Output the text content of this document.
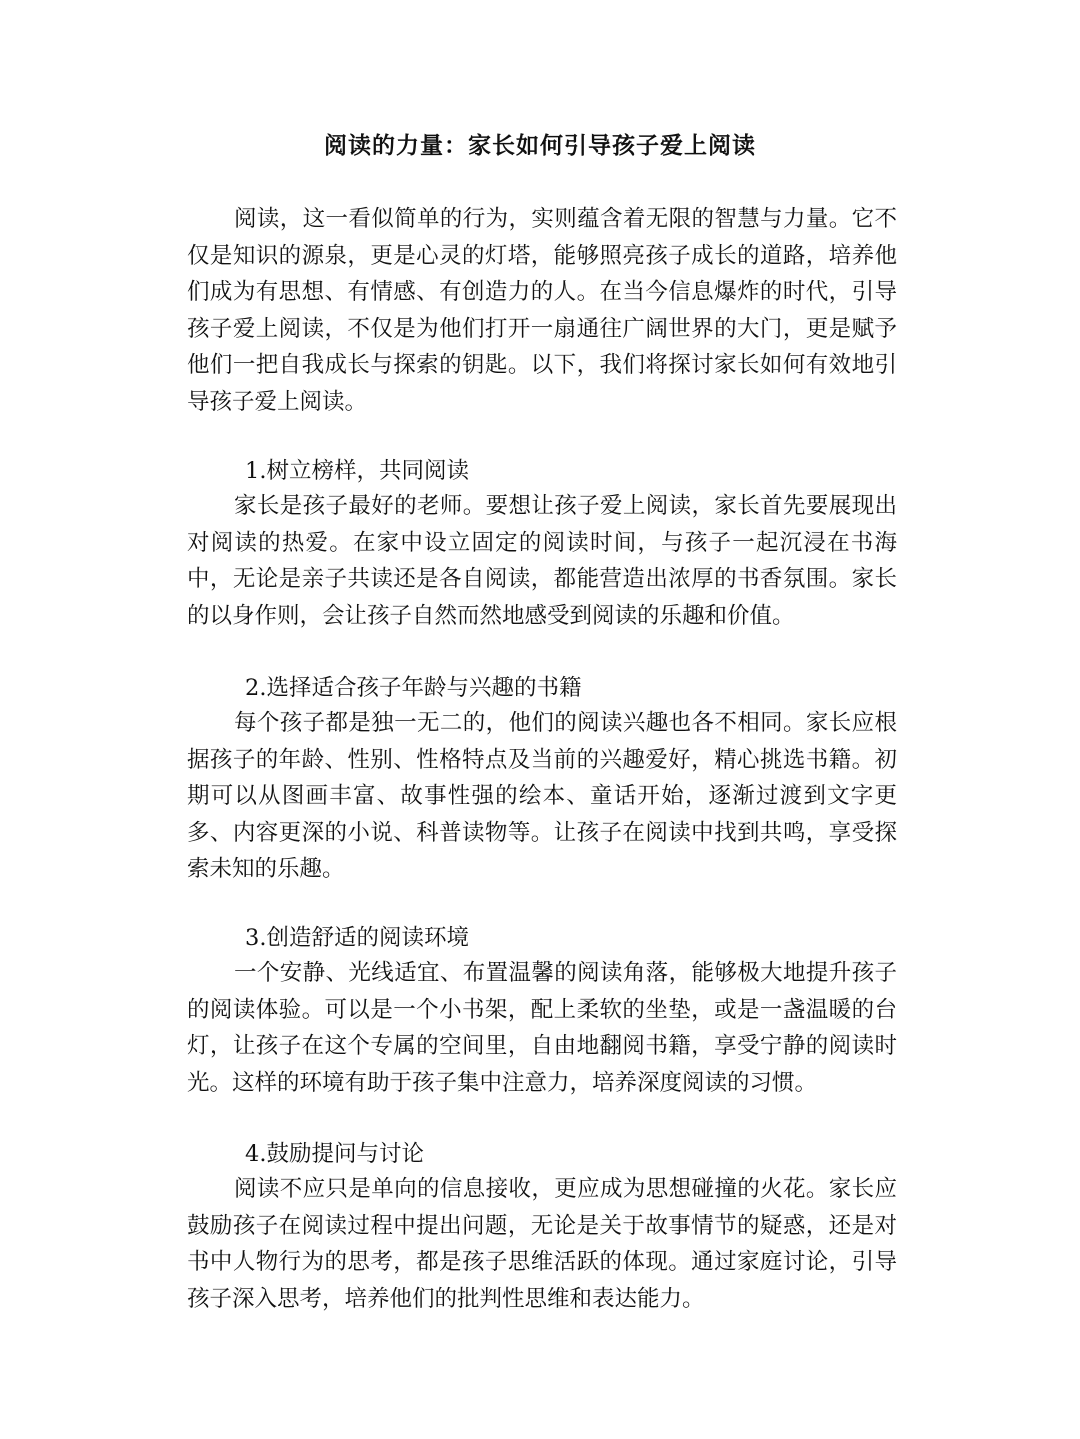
阅读的力量：家长如何引导孩子爱上阅读

阅读，这一看似简单的行为，实则蕴含着无限的智慧与力量。它不仅是知识的源泉，更是心灵的灯塔，能够照亮孩子成长的道路，培养他们成为有思想、有情感、有创造力的人。在当今信息爆炸的时代，引导孩子爱上阅读，不仅是为他们打开一扇通往广阔世界的大门，更是赋予他们一把自我成长与探索的钥匙。以下，我们将探讨家长如何有效地引导孩子爱上阅读。

1.树立榜样，共同阅读

家长是孩子最好的老师。要想让孩子爱上阅读，家长首先要展现出对阅读的热爱。在家中设立固定的阅读时间，与孩子一起沉浸在书海中，无论是亲子共读还是各自阅读，都能营造出浓厚的书香氛围。家长的以身作则，会让孩子自然而然地感受到阅读的乐趣和价值。

2.选择适合孩子年龄与兴趣的书籍

每个孩子都是独一无二的，他们的阅读兴趣也各不相同。家长应根据孩子的年龄、性别、性格特点及当前的兴趣爱好，精心挑选书籍。初期可以从图画丰富、故事性强的绘本、童话开始，逐渐过渡到文字更多、内容更深的小说、科普读物等。让孩子在阅读中找到共鸣，享受探索未知的乐趣。

3.创造舒适的阅读环境

一个安静、光线适宜、布置温馨的阅读角落，能够极大地提升孩子的阅读体验。可以是一个小书架，配上柔软的坐垫，或是一盏温暖的台灯，让孩子在这个专属的空间里，自由地翻阅书籍，享受宁静的阅读时光。这样的环境有助于孩子集中注意力，培养深度阅读的习惯。

4.鼓励提问与讨论

阅读不应只是单向的信息接收，更应成为思想碰撞的火花。家长应鼓励孩子在阅读过程中提出问题，无论是关于故事情节的疑惑，还是对书中人物行为的思考，都是孩子思维活跃的体现。通过家庭讨论，引导孩子深入思考，培养他们的批判性思维和表达能力。
